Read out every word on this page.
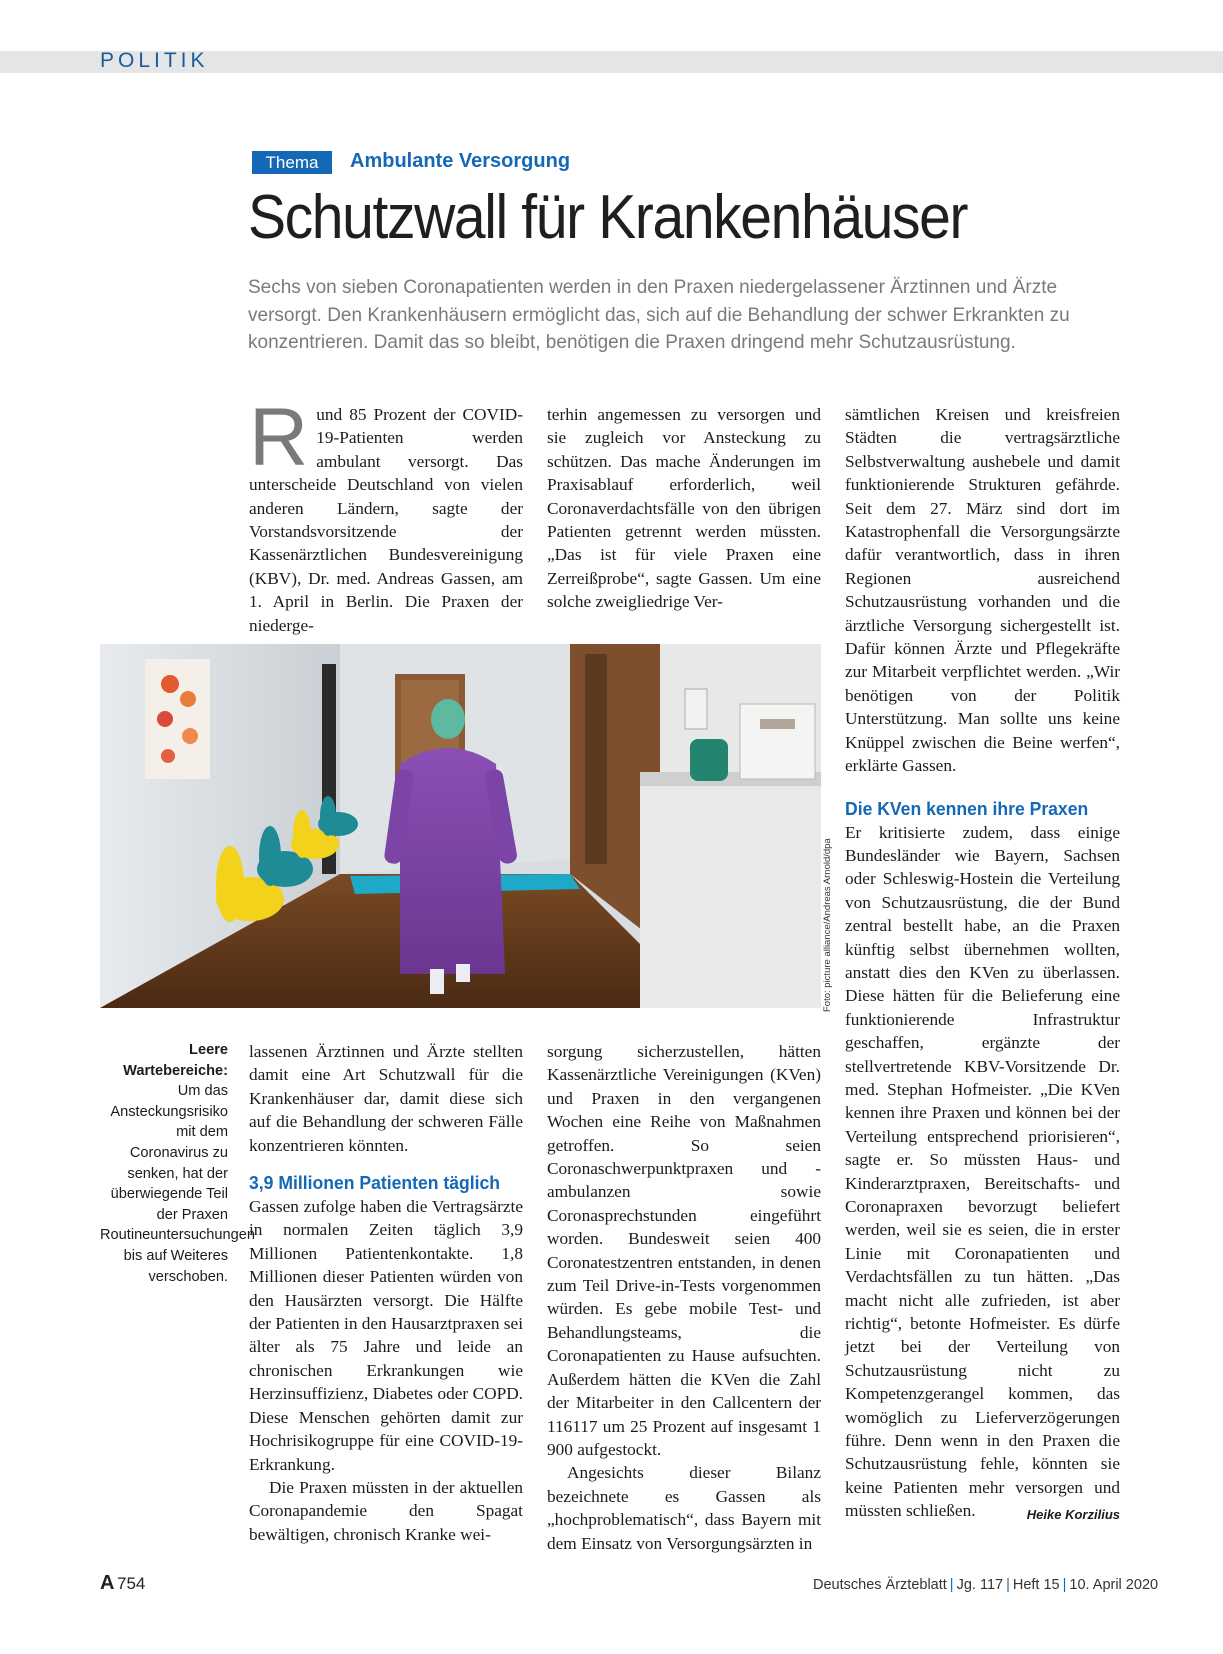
POLITIK
Thema	Ambulante Versorgung
Schutzwall für Krankenhäuser
Sechs von sieben Coronapatienten werden in den Praxen niedergelassener Ärztinnen und Ärzte versorgt. Den Krankenhäusern ermöglicht das, sich auf die Behandlung der schwer Erkrankten zu konzentrieren. Damit das so bleibt, benötigen die Praxen dringend mehr Schutzausrüstung.
Rund 85 Prozent der COVID-19-Patienten werden ambulant versorgt. Das unterscheide Deutschland von vielen anderen Ländern, sagte der Vorstandsvorsitzende der Kassenärztlichen Bundesvereinigung (KBV), Dr. med. Andreas Gassen, am 1. April in Berlin. Die Praxen der niederge-
terhin angemessen zu versorgen und sie zugleich vor Ansteckung zu schützen. Das mache Änderungen im Praxisablauf erforderlich, weil Coronaverdachtsfälle von den übrigen Patienten getrennt werden müssten. „Das ist für viele Praxen eine Zerreißprobe“, sagte Gassen. Um eine solche zweigliedrige Ver-
sämtlichen Kreisen und kreisfreien Städten die vertragsärztliche Selbstverwaltung aushebele und damit funktionierende Strukturen gefährde. Seit dem 27. März sind dort im Katastrophenfall die Versorgungsärzte dafür verantwortlich, dass in ihren Regionen ausreichend Schutzausrüstung vorhanden und die ärztliche Versorgung sichergestellt ist. Dafür können Ärzte und Pflegekräfte zur Mitarbeit verpflichtet werden. „Wir benötigen von der Politik Unterstützung. Man sollte uns keine Knüppel zwischen die Beine werfen“, erklärte Gassen.
Die KVen kennen ihre Praxen
Er kritisierte zudem, dass einige Bundesländer wie Bayern, Sachsen oder Schleswig-Hostein die Verteilung von Schutzausrüstung, die der Bund zentral bestellt habe, an die Praxen künftig selbst übernehmen wollten, anstatt dies den KVen zu überlassen. Diese hätten für die Belieferung eine funktionierende Infrastruktur geschaffen, ergänzte der stellvertretende KBV-Vorsitzende Dr. med. Stephan Hofmeister. „Die KVen kennen ihre Praxen und können bei der Verteilung entsprechend priorisieren“, sagte er. So müssten Haus- und Kinderarztpraxen, Bereitschafts- und Coronapraxen bevorzugt beliefert werden, weil sie es seien, die in erster Linie mit Coronapatienten und Verdachtsfällen zu tun hätten. „Das macht nicht alle zufrieden, ist aber richtig“, betonte Hofmeister. Es dürfe jetzt bei der Verteilung von Schutzausrüstung nicht zu Kompetenzgerangel kommen, das womöglich zu Lieferverzögerungen führe. Denn wenn in den Praxen die Schutzausrüstung fehle, könnten sie keine Patienten mehr versorgen und müssten schließen.	Heike Korzilius
Foto: picture alliance/Andreas Arnold/dpa
Leere Wartebereiche: Um das Ansteckungsrisiko mit dem Coronavirus zu senken, hat der überwiegende Teil der Praxen Routineuntersuchungen bis auf Weiteres verschoben.
lassenen Ärztinnen und Ärzte stellten damit eine Art Schutzwall für die Krankenhäuser dar, damit diese sich auf die Behandlung der schweren Fälle konzentrieren könnten.
3,9 Millionen Patienten täglich
Gassen zufolge haben die Vertragsärzte in normalen Zeiten täglich 3,9 Millionen Patientenkontakte. 1,8 Millionen dieser Patienten würden von den Hausärzten versorgt. Die Hälfte der Patienten in den Hausarztpraxen sei älter als 75 Jahre und leide an chronischen Erkrankungen wie Herzinsuffizienz, Diabetes oder COPD. Diese Menschen gehörten damit zur Hochrisikogruppe für eine COVID-19-Erkrankung.
Die Praxen müssten in der aktuellen Coronapandemie den Spagat bewältigen, chronisch Kranke wei-
sorgung sicherzustellen, hätten Kassenärztliche Vereinigungen (KVen) und Praxen in den vergangenen Wochen eine Reihe von Maßnahmen getroffen. So seien Coronaschwerpunktpraxen und -ambulanzen sowie Coronasprechstunden eingeführt worden. Bundesweit seien 400 Coronatestzentren entstanden, in denen zum Teil Drive-in-Tests vorgenommen würden. Es gebe mobile Test- und Behandlungsteams, die Coronapatienten zu Hause aufsuchten. Außerdem hätten die KVen die Zahl der Mitarbeiter in den Callcentern der 116117 um 25 Prozent auf insgesamt 1 900 aufgestockt.
Angesichts dieser Bilanz bezeichnete es Gassen als „hochproblematisch“, dass Bayern mit dem Einsatz von Versorgungsärzten in
A 754	Deutsches Ärzteblatt | Jg. 117 | Heft 15 | 10. April 2020
